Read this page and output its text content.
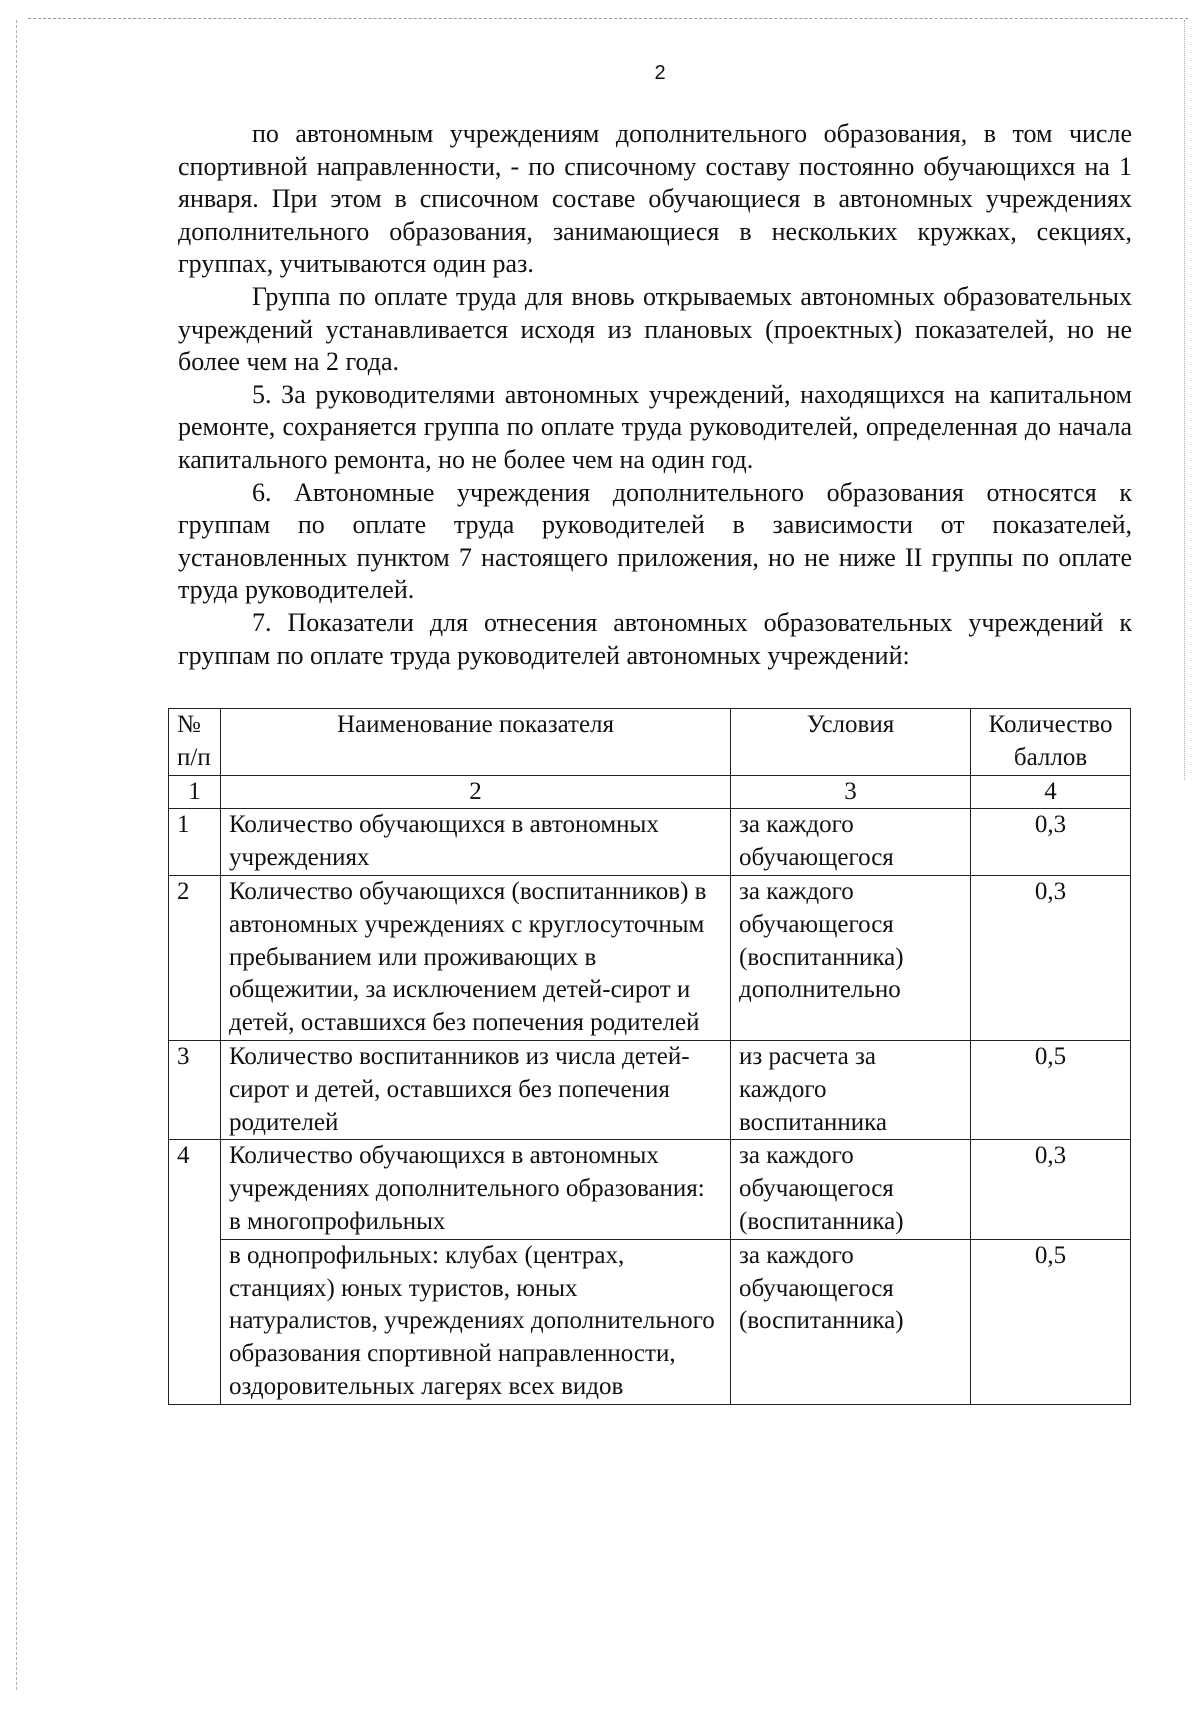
2

по автономным учреждениям дополнительного образования, в том числе спортивной направленности, - по списочному составу постоянно обучающихся на 1 января. При этом в списочном составе обучающиеся в автономных учреждениях дополнительного образования, занимающиеся в нескольких кружках, секциях, группах, учитываются один раз.

Группа по оплате труда для вновь открываемых автономных образовательных учреждений устанавливается исходя из плановых (проектных) показателей, но не более чем на 2 года.

5. За руководителями автономных учреждений, находящихся на капитальном ремонте, сохраняется группа по оплате труда руководителей, определенная до начала капитального ремонта, но не более чем на один год.

6. Автономные учреждения дополнительного образования относятся к группам по оплате труда руководителей в зависимости от показателей, установленных пунктом 7 настоящего приложения, но не ниже II группы по оплате труда руководителей.

7. Показатели для отнесения автономных образовательных учреждений к группам по оплате труда руководителей автономных учреждений:

№ п/п	Наименование показателя	Условия	Количество баллов
1	2	3	4
1	Количество обучающихся в автономных учреждениях	за каждого обучающегося	0,3
2	Количество обучающихся (воспитанников) в автономных учреждениях с круглосуточным пребыванием или проживающих в общежитии, за исключением детей-сирот и детей, оставшихся без попечения родителей	за каждого обучающегося (воспитанника) дополнительно	0,3
3	Количество воспитанников из числа детей-сирот и детей, оставшихся без попечения родителей	из расчета за каждого воспитанника	0,5
4	Количество обучающихся в автономных учреждениях дополнительного образования: в многопрофильных	за каждого обучающегося (воспитанника)	0,3
	в однопрофильных: клубах (центрах, станциях) юных туристов, юных натуралистов, учреждениях дополнительного образования спортивной направленности, оздоровительных лагерях всех видов	за каждого обучающегося (воспитанника)	0,5
